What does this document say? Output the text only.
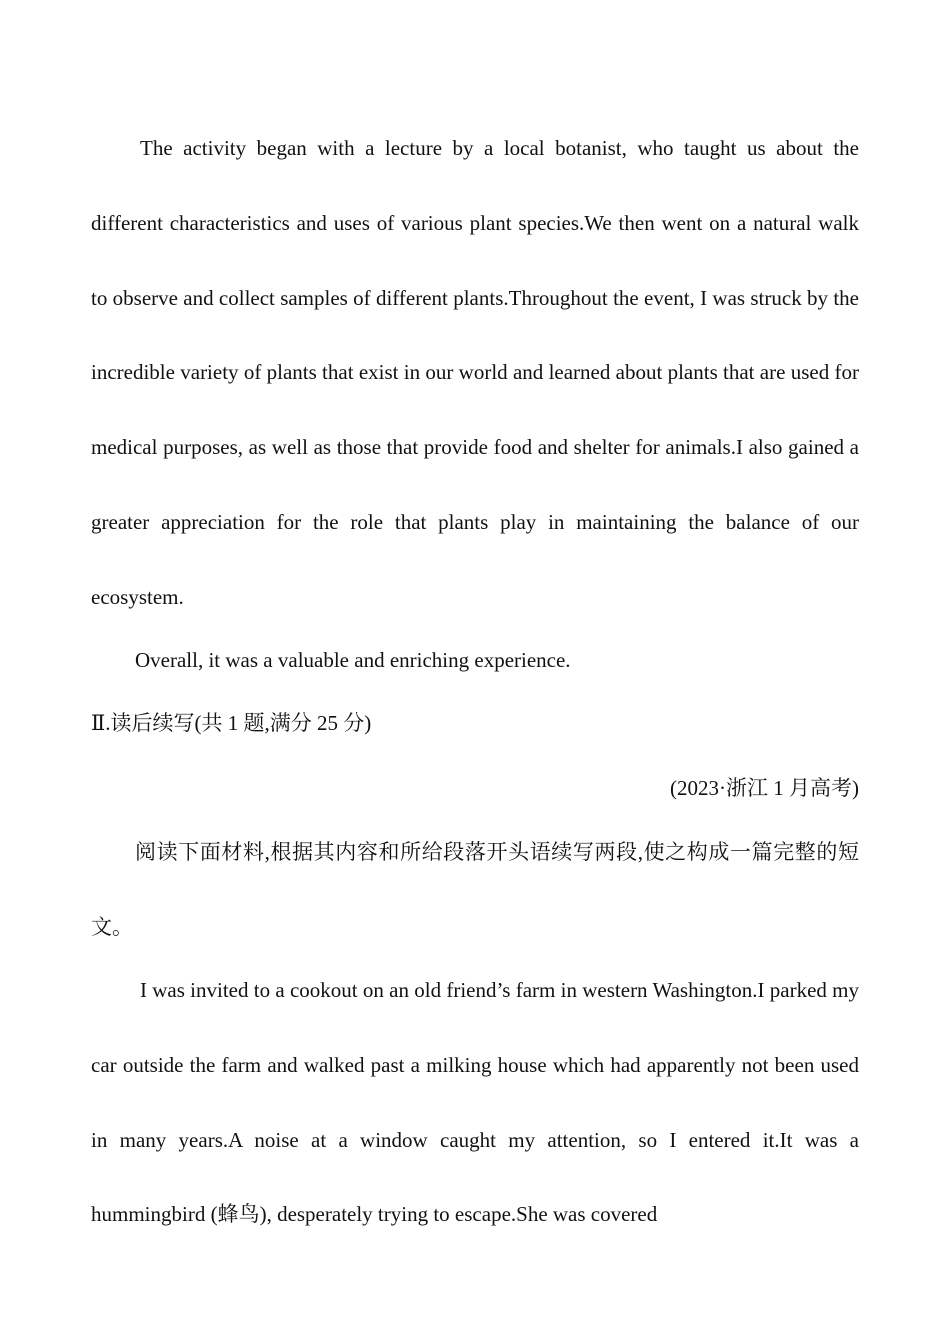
The activity began with a lecture by a local botanist, who taught us about the different characteristics and uses of various plant species.We then went on a natural walk to observe and collect samples of different plants.Throughout the event, I was struck by the incredible variety of plants that exist in our world and learned about plants that are used for medical purposes, as well as those that provide food and shelter for animals.I also gained a greater appreciation for the role that plants play in maintaining the balance of our ecosystem.

Overall, it was a valuable and enriching experience.

Ⅱ.读后续写(共 1 题,满分 25 分)

(2023·浙江 1 月高考)

阅读下面材料,根据其内容和所给段落开头语续写两段,使之构成一篇完整的短文。

I was invited to a cookout on an old friend’s farm in western Washington.I parked my car outside the farm and walked past a milking house which had apparently not been used in many years.A noise at a window caught my attention, so I entered it.It was a hummingbird (蜂鸟), desperately trying to escape.She was covered
